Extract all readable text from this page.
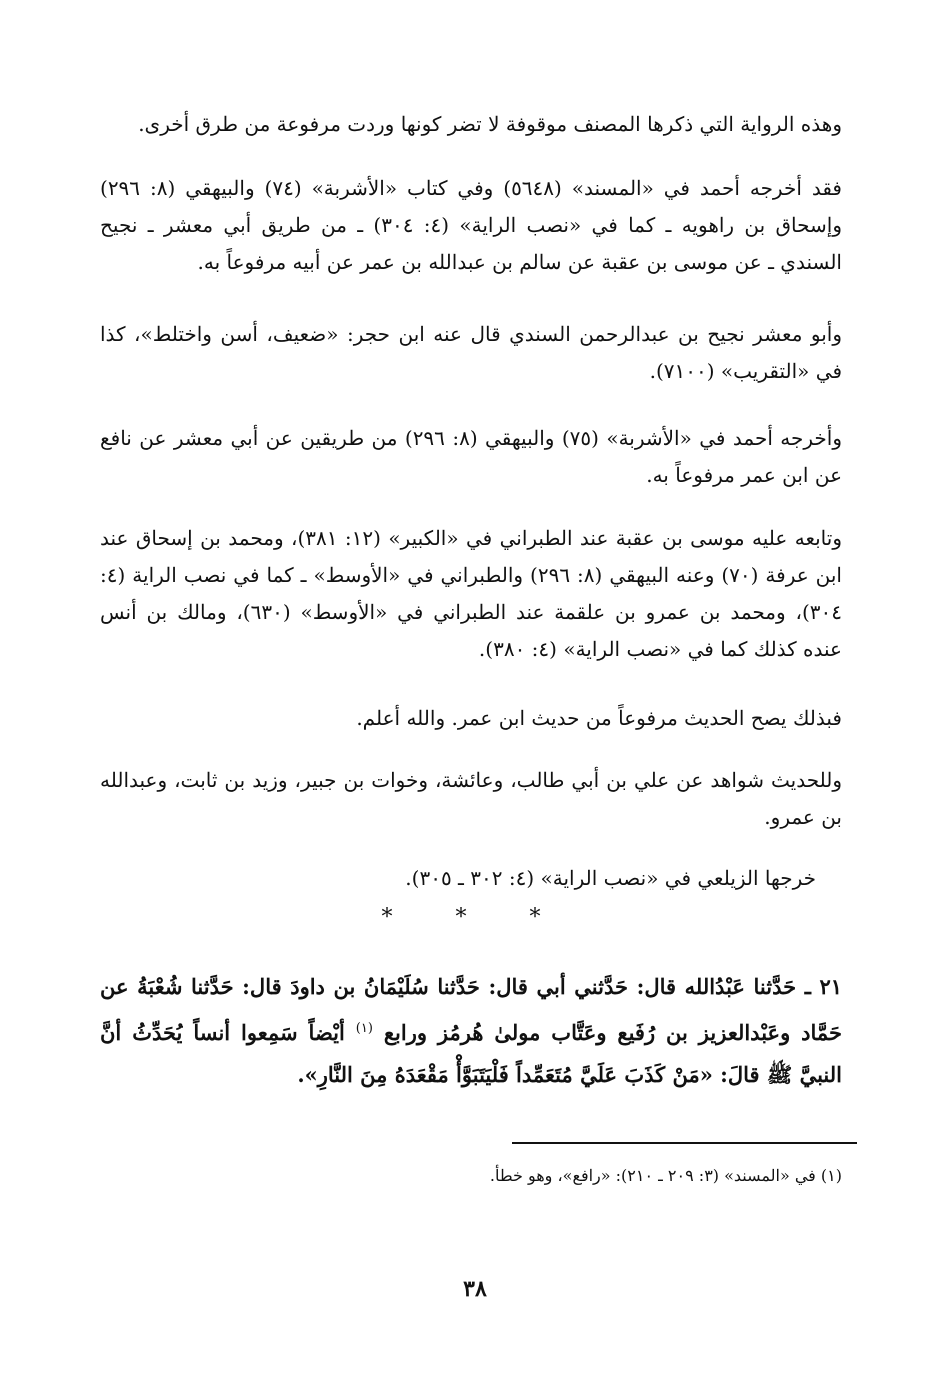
وهذه الرواية التي ذكرها المصنف موقوفة لا تضر كونها وردت مرفوعة من طرق أخرى.

فقد أخرجه أحمد في «المسند» (٥٦٤٨) وفي كتاب «الأشربة» (٧٤) والبيهقي (٨: ٢٩٦) وإسحاق بن راهويه ـ كما في «نصب الراية» (٤: ٣٠٤) ـ من طريق أبي معشر ـ نجيح السندي ـ عن موسى بن عقبة عن سالم بن عبدالله بن عمر عن أبيه مرفوعاً به.

وأبو معشر نجيح بن عبدالرحمن السندي قال عنه ابن حجر: «ضعيف، أسن واختلط»، كذا في «التقريب» (٧١٠٠).

وأخرجه أحمد في «الأشربة» (٧٥) والبيهقي (٨: ٢٩٦) من طريقين عن أبي معشر عن نافع عن ابن عمر مرفوعاً به.

وتابعه عليه موسى بن عقبة عند الطبراني في «الكبير» (١٢: ٣٨١)، ومحمد بن إسحاق عند ابن عرفة (٧٠) وعنه البيهقي (٨: ٢٩٦) والطبراني في «الأوسط» ـ كما في نصب الراية (٤: ٣٠٤)، ومحمد بن عمرو بن علقمة عند الطبراني في «الأوسط» (٦٣٠)، ومالك بن أنس عنده كذلك كما في «نصب الراية» (٤: ٣٨٠).

فبذلك يصح الحديث مرفوعاً من حديث ابن عمر. والله أعلم.

وللحديث شواهد عن علي بن أبي طالب، وعائشة، وخوات بن جبير، وزيد بن ثابت، وعبدالله بن عمرو.

خرجها الزيلعي في «نصب الراية» (٤: ٣٠٢ ـ ٣٠٥).

* * *

٢١ ـ حَدَّثنا عَبْدُالله قال: حَدَّثني أبي قال: حَدَّثنا سُلَيْمَانُ بن داودَ قال: حَدَّثنا شُعْبَةُ عن حَمَّاد وعَبْدالعزيز بن رُفَيع وعَتَّاب مولىٰ هُرمُز ورابع $^{(١)}$ أيْضاً سَمِعوا أنساً يُحَدِّثُ أنَّ النبيَّ ﷺ قالَ: «مَنْ كَذَبَ عَلَيَّ مُتَعَمِّداً فَلْيَتَبَوَّأْ مَقْعَدَهُ مِنَ النَّارِ».

(١) في «المسند» (٣: ٢٠٩ ـ ٢١٠): «رافع»، وهو خطأ.

٣٨
